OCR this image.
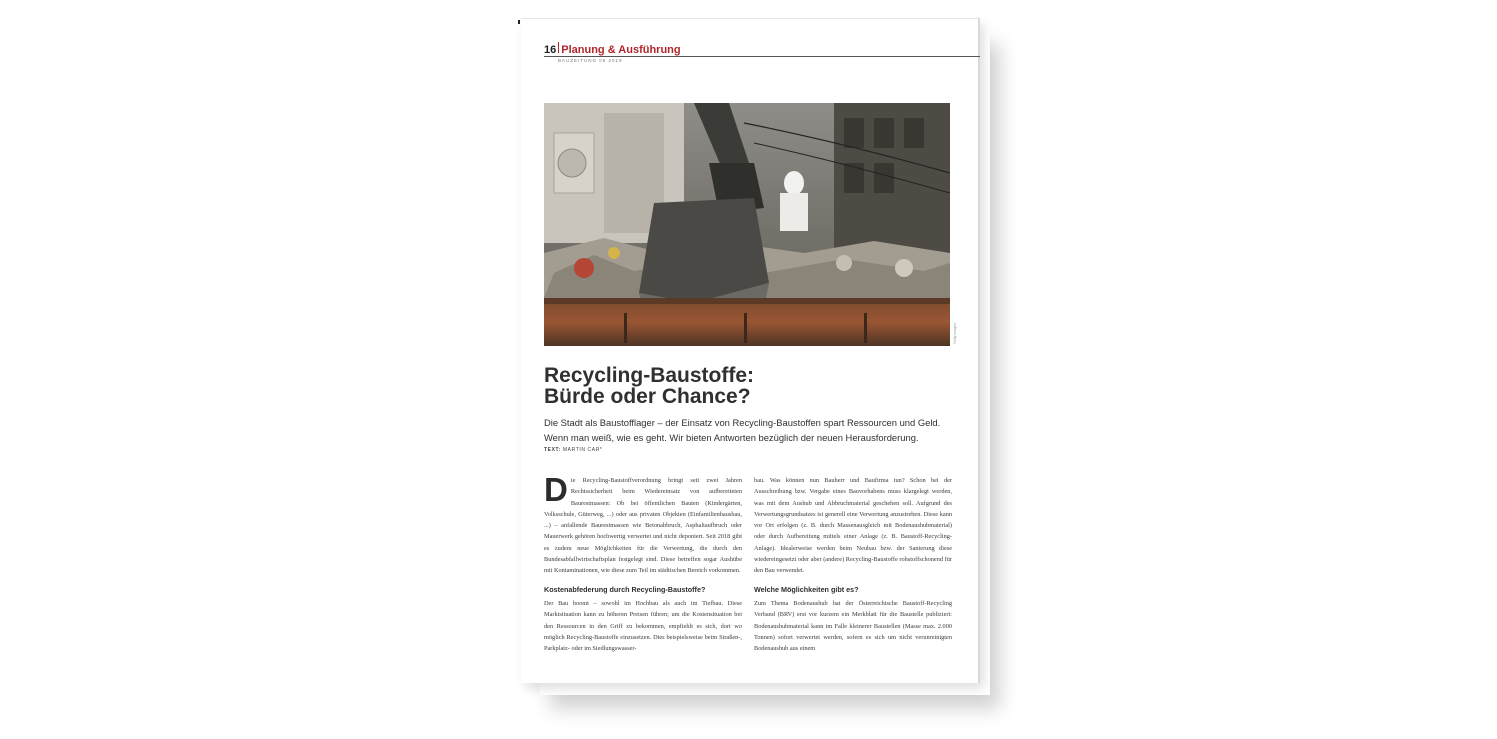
16 Planung & Ausführung
BAUZEITUNG 06 2019
Getty Images
Recycling-Baustoffe:
Bürde oder Chance?

Die Stadt als Baustofflager – der Einsatz von Recycling-Baustoffen spart Ressourcen und Geld.
Wenn man weiß, wie es geht. Wir bieten Antworten bezüglich der neuen Herausforderung.

TEXT: MARTIN CAR*

D ie Recycling-Baustoffverordnung bringt seit zwei Jahren Rechtssicherheit beim Wiedereinsatz von aufbereiteten Baurestmassen: Ob bei öffentlichen Bauten (Kindergärten, Volksschule, Güterweg, ...) oder aus privaten Objekten (Einfamilienhausbau, ...) – anfallende Baurestmassen wie Betonabbruch, Asphaltaufbruch oder Mauerwerk gehören hochwertig verwertet und nicht deponiert. Seit 2018 gibt es zudem neue Möglichkeiten für die Verwertung, die durch den Bundesabfallwirtschaftsplan festgelegt sind. Diese betreffen sogar Aushübe mit Kontaminationen, wie diese zum Teil im städtischen Bereich vorkommen.

Kostenabfederung durch Recycling-Baustoffe?

Der Bau boomt – sowohl im Hochbau als auch im Tiefbau. Diese Marktsituation kann zu höheren Preisen führen; um die Kostensituation bei den Ressourcen in den Griff zu bekommen, empfiehlt es sich, dort wo möglich Recycling-Baustoffe einzusetzen. Dies beispielsweise beim Straßen-, Parkplatz- oder im Siedlungswasser-

bau. Was können nun Bauherr und Baufirma tun? Schon bei der Ausschreibung bzw. Vergabe eines Bauvorhabens muss klargelegt werden, was mit dem Aushub und Abbruchmaterial geschehen soll. Aufgrund des Verwertungsgrundsatzes ist generell eine Verwertung anzustreben. Diese kann vor Ort erfolgen (z. B. durch Massenausgleich mit Bodenaushubmaterial) oder durch Aufbereitung mittels einer Anlage (z. B. Baustoff-Recycling-Anlage). Idealerweise werden beim Neubau bzw. der Sanierung diese wiedereingesetzt oder aber (andere) Recycling-Baustoffe rohstoffschonend für den Bau verwendet.

Welche Möglichkeiten gibt es?

Zum Thema Bodenaushub hat der Österreichische Baustoff-Recycling Verband (BRV) erst vor kurzem ein Merkblatt für die Baustelle publiziert: Bodenaushubmaterial kann im Falle kleinerer Baustellen (Masse max. 2.000 Tonnen) sofort verwertet werden, sofern es sich um nicht verunreinigten Bodenaushub aus einem
